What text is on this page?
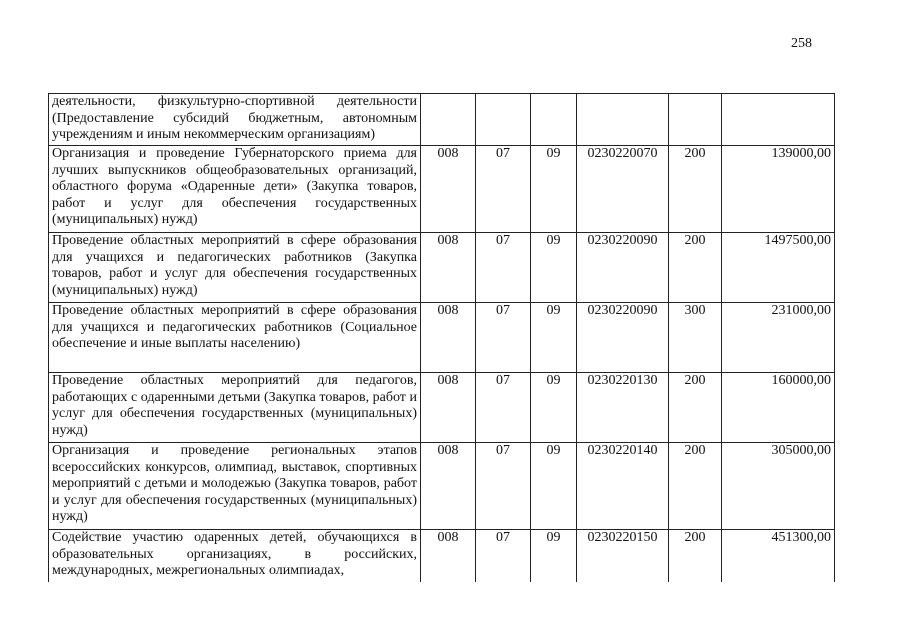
258
деятельности, физкультурно-спортивной деятельности (Предоставление субсидий бюджетным, автономным учреждениям и иным некоммерческим организациям)						
Организация и проведение Губернаторского приема для лучших выпускников общеобразовательных организаций, областного форума «Одаренные дети» (Закупка товаров, работ и услуг для обеспечения государственных (муниципальных) нужд)	008	07	09	0230220070	200	139000,00
Проведение областных мероприятий в сфере образования для учащихся и педагогических работников (Закупка товаров, работ и услуг для обеспечения государственных (муниципальных) нужд)	008	07	09	0230220090	200	1497500,00
Проведение областных мероприятий в сфере образования для учащихся и педагогических работников (Социальное обеспечение и иные выплаты населению)	008	07	09	0230220090	300	231000,00
Проведение областных мероприятий для педагогов, работающих с одаренными детьми (Закупка товаров, работ и услуг для обеспечения государственных (муниципальных) нужд)	008	07	09	0230220130	200	160000,00
Организация и проведение региональных этапов всероссийских конкурсов, олимпиад, выставок, спортивных мероприятий с детьми и молодежью (Закупка товаров, работ и услуг для обеспечения государственных (муниципальных) нужд)	008	07	09	0230220140	200	305000,00
Содействие участию одаренных детей, обучающихся в образовательных организациях, в российских, международных, межрегиональных олимпиадах,	008	07	09	0230220150	200	451300,00
